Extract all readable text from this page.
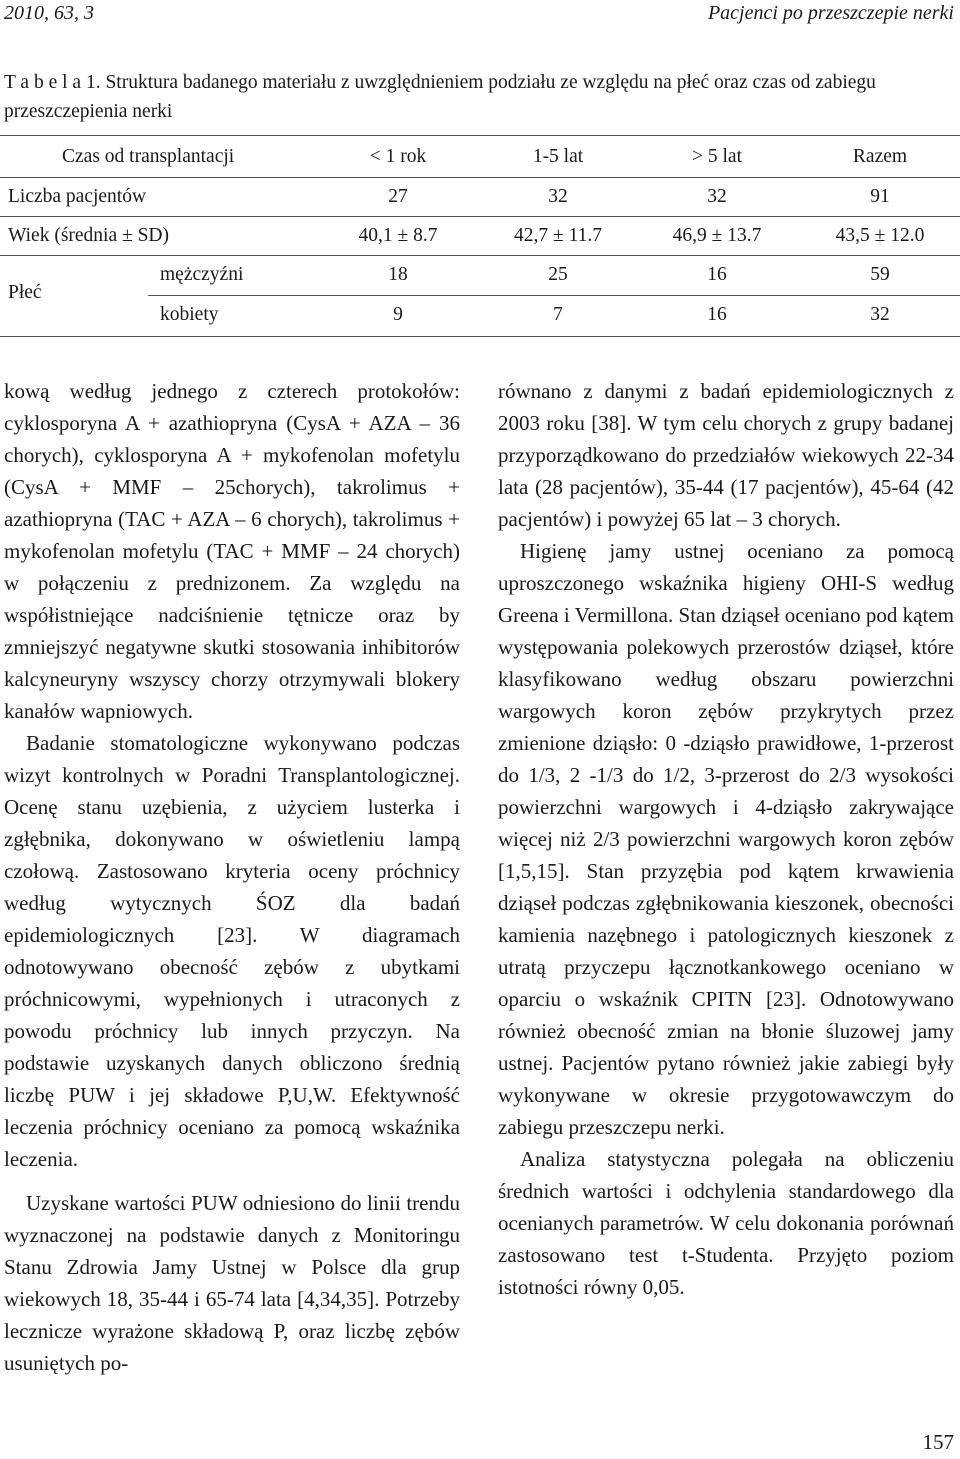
2010, 63, 3	Pacjenci po przeszczepie nerki
T a b e l a 1. Struktura badanego materiału z uwzględnieniem podziału ze względu na płeć oraz czas od zabiegu przeszczepienia nerki
Czas od transplantacji	< 1 rok	1-5 lat	> 5 lat	Razem
Liczba pacjentów	27	32	32	91
Wiek (średnia ± SD)	40,1 ± 8.7	42,7 ± 11.7	46,9 ± 13.7	43,5 ± 12.0
Płeć
mężczyźni	18	25	16	59
kobiety	9	7	16	32

kową według jednego z czterech protokołów: cyklosporyna A + azathiopryna (CysA + AZA – 36 chorych), cyklosporyna A + mykofenolan mofetylu (CysA + MMF – 25chorych), takrolimus + azathiopryna (TAC + AZA – 6 chorych), takrolimus + mykofenolan mofetylu (TAC + MMF – 24 chorych) w połączeniu z prednizonem. Za względu na współistniejące nadciśnienie tętnicze oraz by zmniejszyć negatywne skutki stosowania inhibitorów kalcyneuryny wszyscy chorzy otrzymywali blokery kanałów wapniowych.

Badanie stomatologiczne wykonywano podczas wizyt kontrolnych w Poradni Transplantologicznej. Ocenę stanu uzębienia, z użyciem lusterka i zgłębnika, dokonywano w oświetleniu lampą czołową. Zastosowano kryteria oceny próchnicy według wytycznych ŚOZ dla badań epidemiologicznych [23]. W diagramach odnotowywano obecność zębów z ubytkami próchnicowymi, wypełnionych i utraconych z powodu próchnicy lub innych przyczyn. Na podstawie uzyskanych danych obliczono średnią liczbę PUW i jej składowe P,U,W. Efektywność leczenia próchnicy oceniano za pomocą wskaźnika leczenia.

Uzyskane wartości PUW odniesiono do linii trendu wyznaczonej na podstawie danych z Monitoringu Stanu Zdrowia Jamy Ustnej w Polsce dla grup wiekowych 18, 35-44 i 65-74 lata [4,34,35]. Potrzeby lecznicze wyrażone składową P, oraz liczbę zębów usuniętych po-

równano z danymi z badań epidemiologicznych z 2003 roku [38]. W tym celu chorych z grupy badanej przyporządkowano do przedziałów wiekowych 22-34 lata (28 pacjentów), 35-44 (17 pacjentów), 45-64 (42 pacjentów) i powyżej 65 lat – 3 chorych.

Higienę jamy ustnej oceniano za pomocą uproszczonego wskaźnika higieny OHI-S według Greena i Vermillona. Stan dziąseł oceniano pod kątem występowania polekowych przerostów dziąseł, które klasyfikowano według obszaru powierzchni wargowych koron zębów przykrytych przez zmienione dziąsło: 0 -dziąsło prawidłowe, 1-przerost do 1/3, 2 -1/3 do 1/2, 3-przerost do 2/3 wysokości powierzchni wargowych i 4-dziąsło zakrywające więcej niż 2/3 powierzchni wargowych koron zębów [1,5,15]. Stan przyzębia pod kątem krwawienia dziąseł podczas zgłębnikowania kieszonek, obecności kamienia nazębnego i patologicznych kieszonek z utratą przyczepu łącznotkankowego oceniano w oparciu o wskaźnik CPITN [23]. Odnotowywano również obecność zmian na błonie śluzowej jamy ustnej. Pacjentów pytano również jakie zabiegi były wykonywane w okresie przygotowawczym do zabiegu przeszczepu nerki.

Analiza statystyczna polegała na obliczeniu średnich wartości i odchylenia standardowego dla ocenianych parametrów. W celu dokonania porównań zastosowano test t-Studenta. Przyjęto poziom istotności równy 0,05.

157
